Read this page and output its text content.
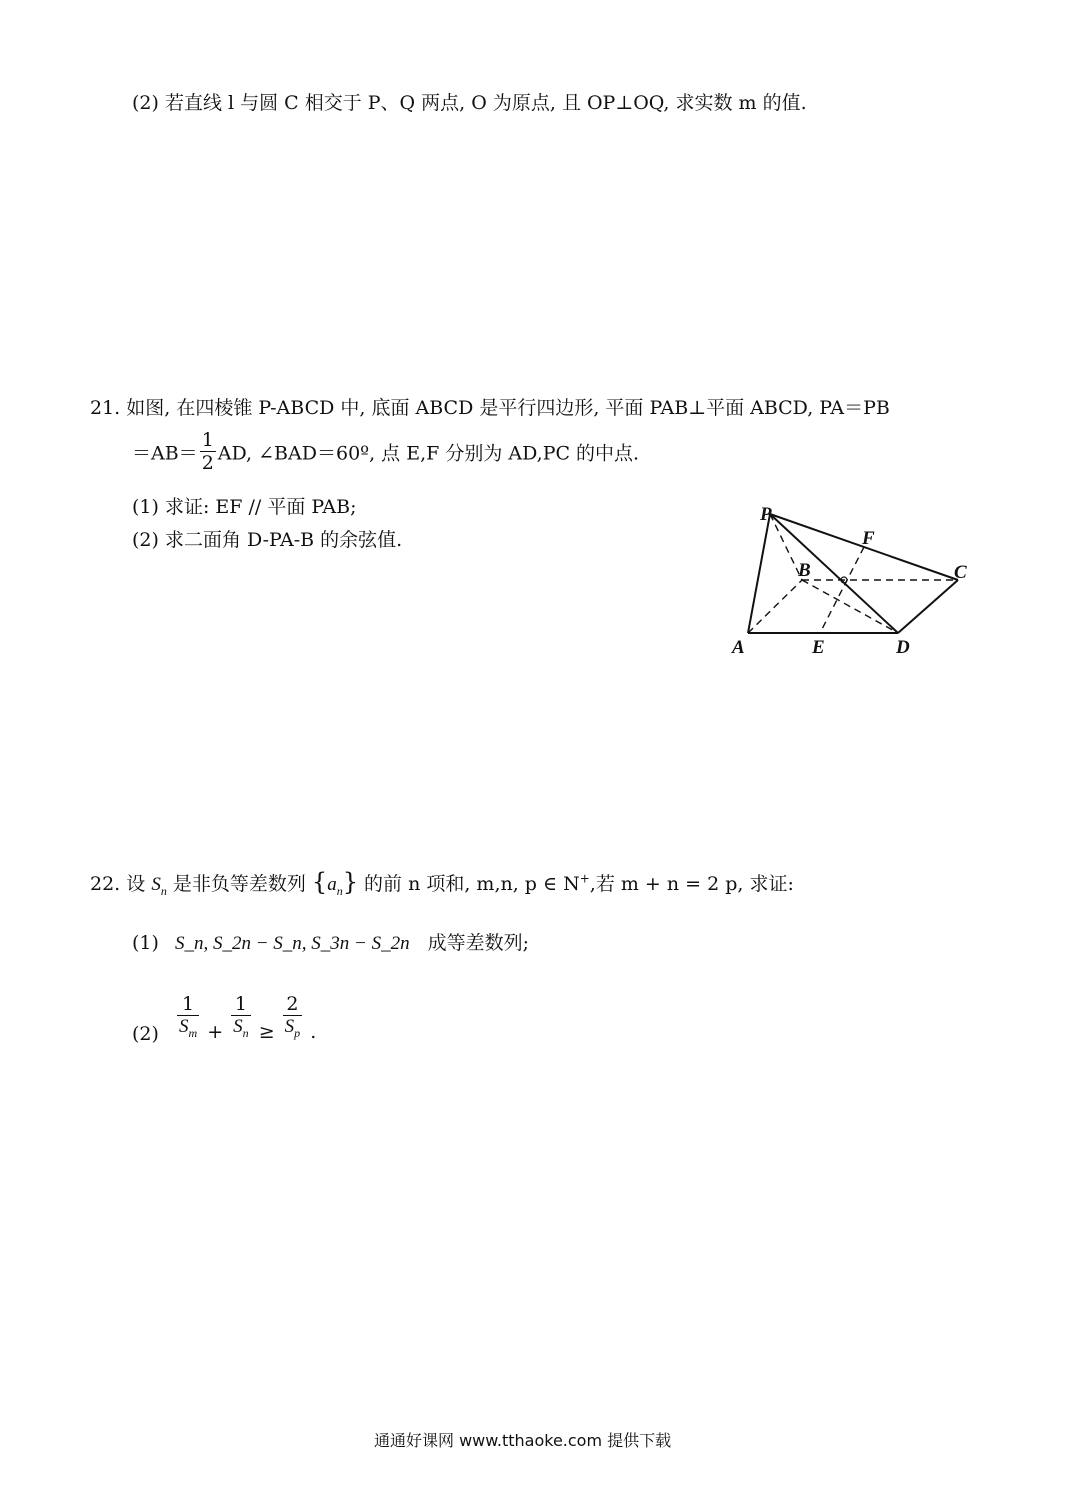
(2) 若直线 l 与圆 C 相交于 P、Q 两点, O 为原点, 且 OP⊥OQ, 求实数 m 的值.
21. 如图, 在四棱锥 P-ABCD 中, 底面 ABCD 是平行四边形, 平面 PAB⊥平面 ABCD, PA＝PB
$=AB= \frac{1}{2}$ AD, ∠BAD＝60º, 点 E,F 分别为 AD,PC 的中点.
(1) 求证: EF // 平面 PAB;
(2) 求二面角 D-PA-B 的余弦值.
P
F
B	C
A	E	D
22. 设 $S_n$ 是非负等差数列 $\{a_n\}$ 的前 n 项和, m,n, p ∈ N+,若 m + n = 2 p, 求证:
(1) S_n, S_2n − S_n, S_3n − S_2n 成等差数列;
$(2) \frac{1}{S_m} + \frac{1}{S_n} \ge \frac{2}{S_p}$ .
通通好课网 www.tthaoke.com 提供下载
